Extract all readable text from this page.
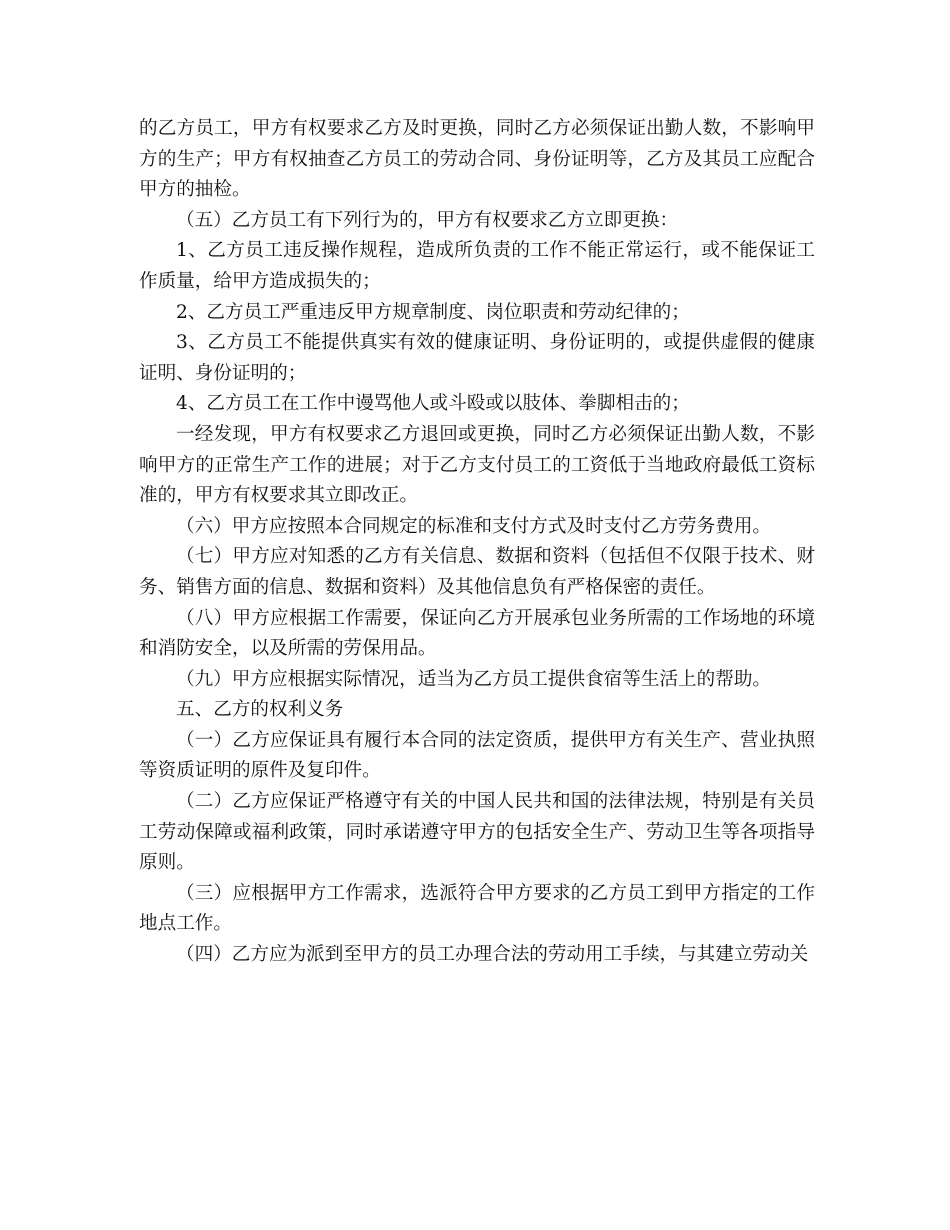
的乙方员工，甲方有权要求乙方及时更换，同时乙方必须保证出勤人数，不影响甲方的生产；甲方有权抽查乙方员工的劳动合同、身份证明等，乙方及其员工应配合甲方的抽检。

（五）乙方员工有下列行为的，甲方有权要求乙方立即更换：

1、乙方员工违反操作规程，造成所负责的工作不能正常运行，或不能保证工作质量，给甲方造成损失的；

2、乙方员工严重违反甲方规章制度、岗位职责和劳动纪律的；

3、乙方员工不能提供真实有效的健康证明、身份证明的，或提供虚假的健康证明、身份证明的；

4、乙方员工在工作中谩骂他人或斗殴或以肢体、拳脚相击的；

一经发现，甲方有权要求乙方退回或更换，同时乙方必须保证出勤人数，不影响甲方的正常生产工作的进展；对于乙方支付员工的工资低于当地政府最低工资标准的，甲方有权要求其立即改正。

（六）甲方应按照本合同规定的标准和支付方式及时支付乙方劳务费用。

（七）甲方应对知悉的乙方有关信息、数据和资料（包括但不仅限于技术、财务、销售方面的信息、数据和资料）及其他信息负有严格保密的责任。

（八）甲方应根据工作需要，保证向乙方开展承包业务所需的工作场地的环境和消防安全，以及所需的劳保用品。

（九）甲方应根据实际情况，适当为乙方员工提供食宿等生活上的帮助。

五、乙方的权利义务

（一）乙方应保证具有履行本合同的法定资质，提供甲方有关生产、营业执照等资质证明的原件及复印件。

（二）乙方应保证严格遵守有关的中国人民共和国的法律法规，特别是有关员工劳动保障或福利政策，同时承诺遵守甲方的包括安全生产、劳动卫生等各项指导原则。

（三）应根据甲方工作需求，选派符合甲方要求的乙方员工到甲方指定的工作地点工作。

（四）乙方应为派到至甲方的员工办理合法的劳动用工手续，与其建立劳动关
